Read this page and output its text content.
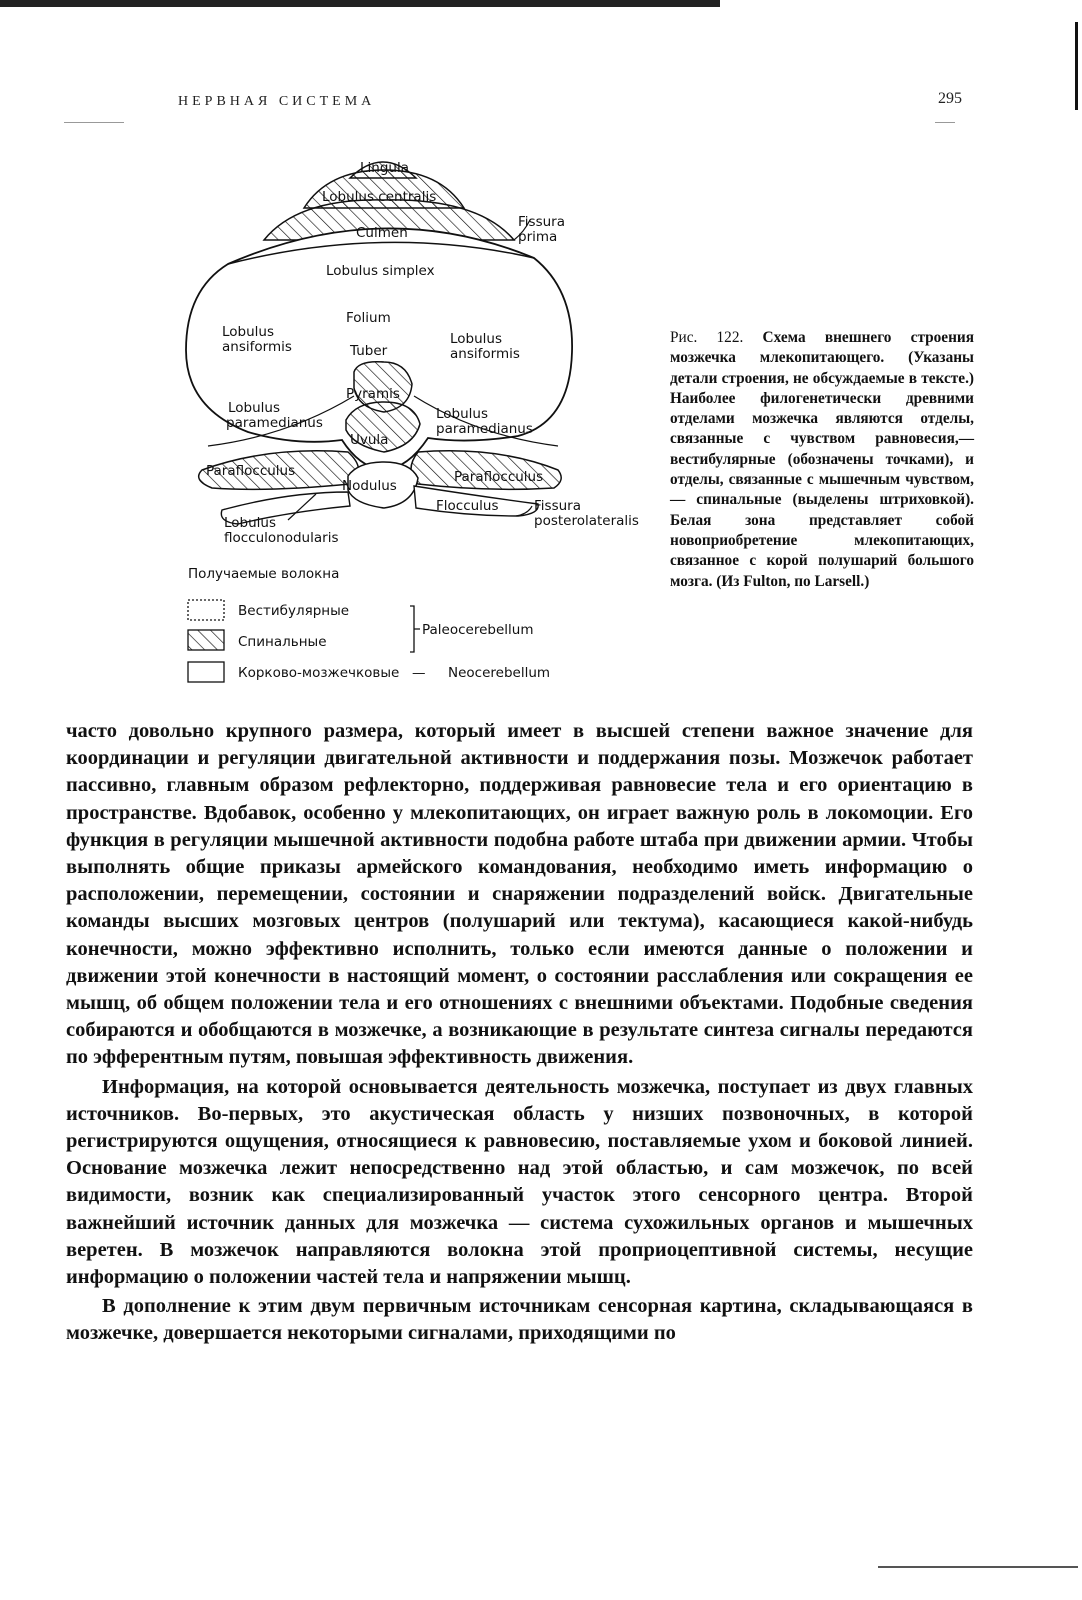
НЕРВНАЯ СИСТЕМА	295
Lingula
Lobulus centralis
Culmen
Fissura
prima
Lobulus simplex
Folium
Tuber
Lobulus
ansiformis	Lobulus
ansiformis
Pyramis
Lobulus
paramedianus
Lobulus
paramedianus
Uvula
Paraflocculus	Paraflocculus
Nodulus
Flocculus	Fissura
posterolateralis
Lobulus
flocculonodularis
Получаемые волокна
Вестибулярные
Спинальные
Paleocerebellum
Корково-мозжечковые — Neocerebellum
Рис. 122. Схема внешнего строения мозжечка млекопитающего. (Указаны детали строения, не обсуждаемые в тексте.) Наиболее филогенетически древними отделами мозжечка являются отделы, связанные с чувством равновесия,— вестибулярные (обозначены точками), и отделы, связанные с мышечным чувством,— спинальные (выделены штриховкой). Белая зона представляет собой новоприобретение млекопитающих, связанное с корой полушарий большого мозга. (Из Fulton, по Larsell.)

часто довольно крупного размера, который имеет в высшей степени важное значение для координации и регуляции двигательной активности и поддержания позы. Мозжечок работает пассивно, главным образом рефлекторно, поддерживая равновесие тела и его ориентацию в пространстве. Вдобавок, особенно у млекопитающих, он играет важную роль в локомоции. Его функция в регуляции мышечной активности подобна работе штаба при движении армии. Чтобы выполнять общие приказы армейского командования, необходимо иметь информацию о расположении, перемещении, состоянии и снаряжении подразделений войск. Двигательные команды высших мозговых центров (полушарий или тектума), касающиеся какой-нибудь конечности, можно эффективно исполнить, только если имеются данные о положении и движении этой конечности в настоящий момент, о состоянии расслабления или сокращения ее мышц, об общем положении тела и его отношениях с внешними объектами. Подобные сведения собираются и обобщаются в мозжечке, а возникающие в результате синтеза сигналы передаются по эфферентным путям, повышая эффективность движения.

Информация, на которой основывается деятельность мозжечка, поступает из двух главных источников. Во-первых, это акустическая область у низших позвоночных, в которой регистрируются ощущения, относящиеся к равновесию, поставляемые ухом и боковой линией. Основание мозжечка лежит непосредственно над этой областью, и сам мозжечок, по всей видимости, возник как специализированный участок этого сенсорного центра. Второй важнейший источник данных для мозжечка — система сухожильных органов и мышечных веретен. В мозжечок направляются волокна этой проприоцептивной системы, несущие информацию о положении частей тела и напряжении мышц.

В дополнение к этим двум первичным источникам сенсорная картина, складывающаяся в мозжечке, довершается некоторыми сигналами, приходящими по
